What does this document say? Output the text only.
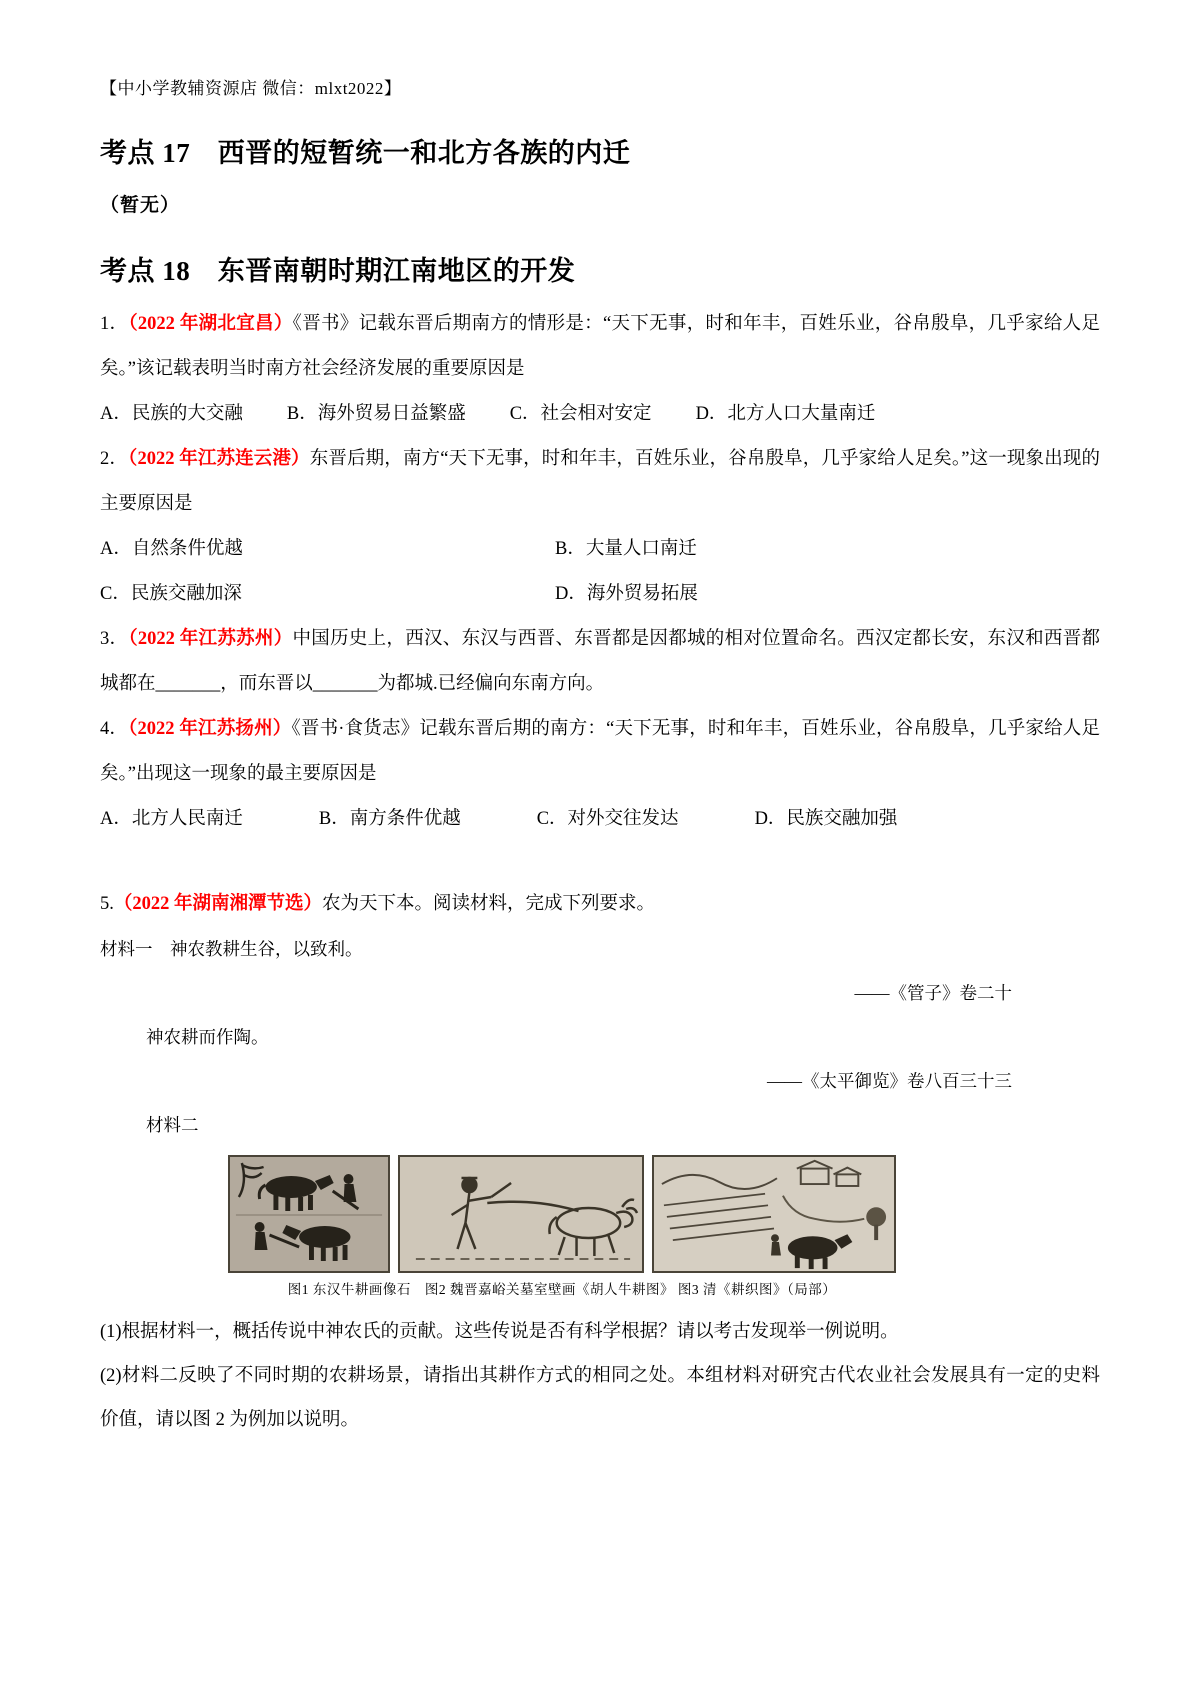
【中小学教辅资源店 微信：mlxt2022】
考点 17　西晋的短暂统一和北方各族的内迁
（暂无）
考点 18　东晋南朝时期江南地区的开发

1．（2022 年湖北宜昌）《晋书》记载东晋后期南方的情形是：“天下无事，时和年丰，百姓乐业，谷帛殷阜，几乎家给人足矣。”该记载表明当时南方社会经济发展的重要原因是

A．民族的大交融 B．海外贸易日益繁盛 C．社会相对安定 D．北方人口大量南迁

2．（2022 年江苏连云港）东晋后期，南方“天下无事，时和年丰，百姓乐业，谷帛殷阜，几乎家给人足矣。”这一现象出现的主要原因是

A．自然条件优越	B．大量人口南迁
C．民族交融加深	D．海外贸易拓展

3．（2022 年江苏苏州）中国历史上，西汉、东汉与西晋、东晋都是因都城的相对位置命名。西汉定都长安，东汉和西晋都城都在_______，而东晋以_______为都城.已经偏向东南方向。

4．（2022 年江苏扬州）《晋书·食货志》记载东晋后期的南方：“天下无事，时和年丰，百姓乐业，谷帛殷阜，几乎家给人足矣。”出现这一现象的最主要原因是

A．北方人民南迁	B．南方条件优越	C．对外交往发达	D．民族交融加强

5.（2022 年湖南湘潭节选）农为天下本。阅读材料，完成下列要求。

材料一　神农教耕生谷，以致利。

——《管子》卷二十

神农耕而作陶。

——《太平御览》卷八百三十三

材料二

图1 东汉牛耕画像石　图2 魏晋嘉峪关墓室壁画《胡人牛耕图》 图3 清《耕织图》（局部）

(1)根据材料一，概括传说中神农氏的贡献。这些传说是否有科学根据？请以考古发现举一例说明。

(2)材料二反映了不同时期的农耕场景，请指出其耕作方式的相同之处。本组材料对研究古代农业社会发展具有一定的史料价值，请以图 2 为例加以说明。
